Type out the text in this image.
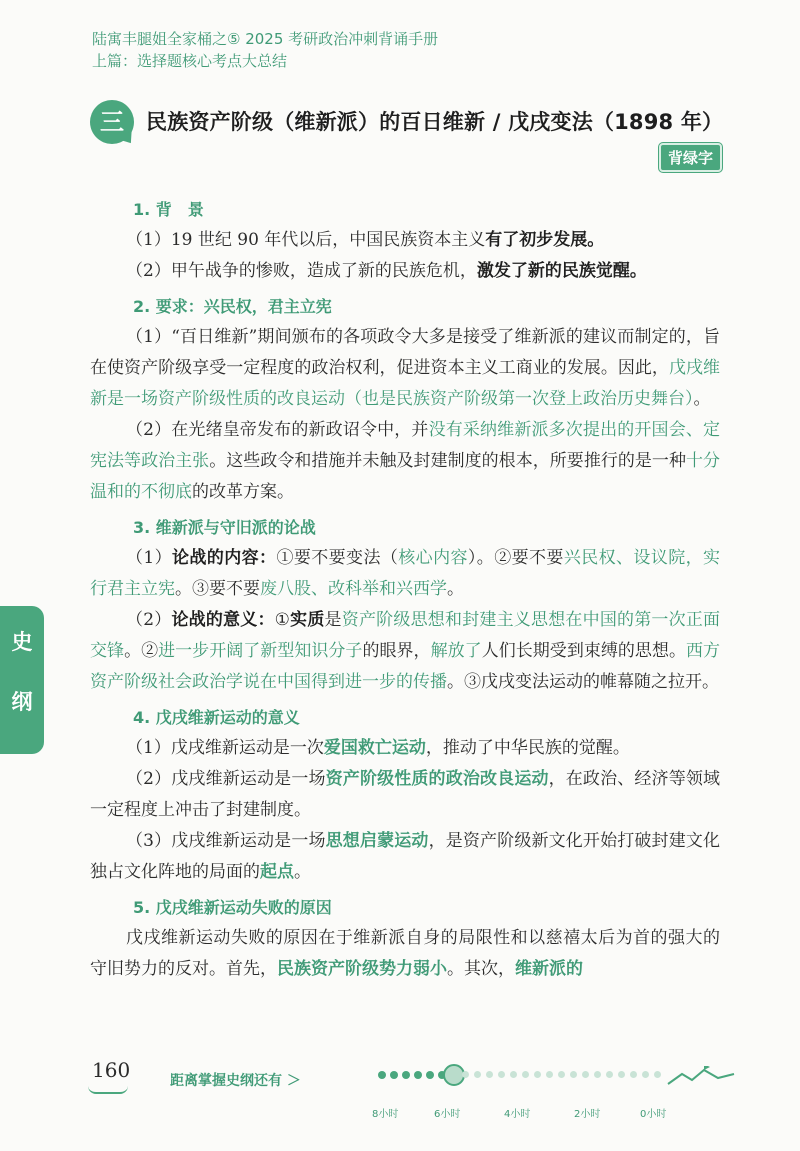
陆寓丰腿姐全家桶之⑤ 2025 考研政治冲刺背诵手册
上篇：选择题核心考点大总结
三	民族资产阶级（维新派）的百日维新 / 戊戌变法（1898 年）
背绿字
1. 背　景

（1）19 世纪 90 年代以后，中国民族资本主义有了初步发展。

（2）甲午战争的惨败，造成了新的民族危机，激发了新的民族觉醒。

2. 要求：兴民权，君主立宪

（1）“百日维新”期间颁布的各项政令大多是接受了维新派的建议而制定的，旨在使资产阶级享受一定程度的政治权利，促进资本主义工商业的发展。因此，戊戌维新是一场资产阶级性质的改良运动（也是民族资产阶级第一次登上政治历史舞台）。

（2）在光绪皇帝发布的新政诏令中，并没有采纳维新派多次提出的开国会、定宪法等政治主张。这些政令和措施并未触及封建制度的根本，所要推行的是一种十分温和的不彻底的改革方案。

3. 维新派与守旧派的论战

（1）论战的内容：①要不要变法（核心内容）。②要不要兴民权、设议院，实行君主立宪。③要不要废八股、改科举和兴西学。

（2）论战的意义：①实质是资产阶级思想和封建主义思想在中国的第一次正面交锋。②进一步开阔了新型知识分子的眼界，解放了人们长期受到束缚的思想。西方资产阶级社会政治学说在中国得到进一步的传播。③戊戌变法运动的帷幕随之拉开。

4. 戊戌维新运动的意义

（1）戊戌维新运动是一次爱国救亡运动，推动了中华民族的觉醒。

（2）戊戌维新运动是一场资产阶级性质的政治改良运动，在政治、经济等领域一定程度上冲击了封建制度。

（3）戊戌维新运动是一场思想启蒙运动，是资产阶级新文化开始打破封建文化独占文化阵地的局面的起点。

5. 戊戌维新运动失败的原因

戊戌维新运动失败的原因在于维新派自身的局限性和以慈禧太后为首的强大的守旧势力的反对。首先，民族资产阶级势力弱小。其次，维新派的

史
纲
160	距离掌握史纲还有 ＞
8小时	6小时	4小时	2小时	0小时
